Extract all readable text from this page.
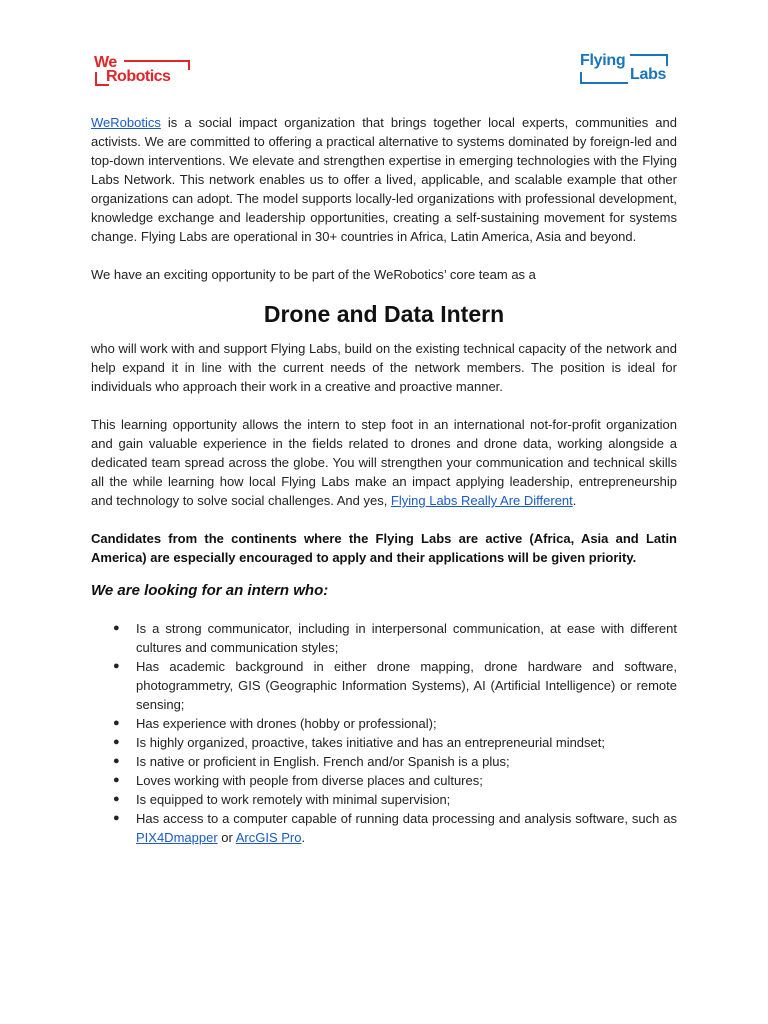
We
Robotics
Flying
Labs

WeRobotics is a social impact organization that brings together local experts, communities and activists. We are committed to offering a practical alternative to systems dominated by foreign-led and top-down interventions. We elevate and strengthen expertise in emerging technologies with the Flying Labs Network. This network enables us to offer a lived, applicable, and scalable example that other organizations can adopt. The model supports locally-led organizations with professional development, knowledge exchange and leadership opportunities, creating a self-sustaining movement for systems change. Flying Labs are operational in 30+ countries in Africa, Latin America, Asia and beyond.

We have an exciting opportunity to be part of the WeRobotics’ core team as a

Drone and Data Intern

who will work with and support Flying Labs, build on the existing technical capacity of the network and help expand it in line with the current needs of the network members. The position is ideal for individuals who approach their work in a creative and proactive manner.

This learning opportunity allows the intern to step foot in an international not-for-profit organization and gain valuable experience in the fields related to drones and drone data, working alongside a dedicated team spread across the globe. You will strengthen your communication and technical skills all the while learning how local Flying Labs make an impact applying leadership, entrepreneurship and technology to solve social challenges. And yes, Flying Labs Really Are Different.

Candidates from the continents where the Flying Labs are active (Africa, Asia and Latin America) are especially encouraged to apply and their applications will be given priority.

We are looking for an intern who:

● Is a strong communicator, including in interpersonal communication, at ease with different cultures and communication styles;
● Has academic background in either drone mapping, drone hardware and software, photogrammetry, GIS (Geographic Information Systems), AI (Artificial Intelligence) or remote sensing;
● Has experience with drones (hobby or professional);
● Is highly organized, proactive, takes initiative and has an entrepreneurial mindset;
● Is native or proficient in English. French and/or Spanish is a plus;
● Loves working with people from diverse places and cultures;
● Is equipped to work remotely with minimal supervision;
● Has access to a computer capable of running data processing and analysis software, such as PIX4Dmapper or ArcGIS Pro.
